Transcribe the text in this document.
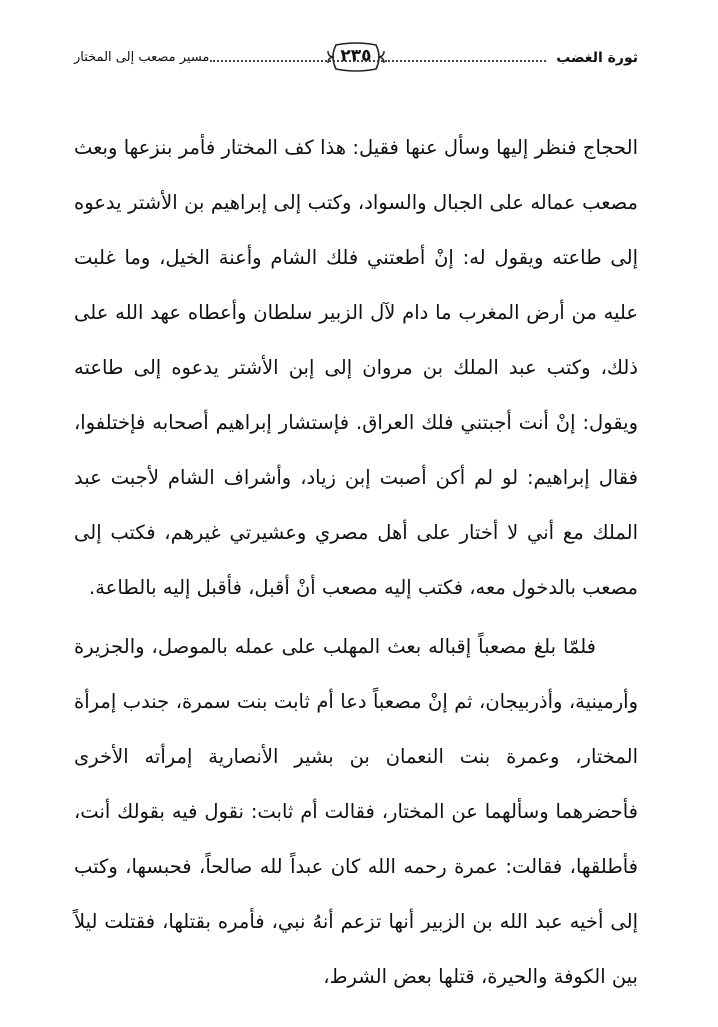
ثورة الغضب
٢٣٥
مسير مصعب إلى المختار

الحجاج فنظر إليها وسأل عنها فقيل: هذا كف المختار فأمر بنزعها وبعث مصعب عماله على الجبال والسواد، وكتب إلى إبراهيم بن الأشتر يدعوه إلى طاعته ويقول له: إنْ أطعتني فلك الشام وأعنة الخيل، وما غلبت عليه من أرض المغرب ما دام لآل الزبير سلطان وأعطاه عهد الله على ذلك، وكتب عبد الملك بن مروان إلى إبن الأشتر يدعوه إلى طاعته ويقول: إنْ أنت أجبتني فلك العراق. فإستشار إبراهيم أصحابه فإختلفوا، فقال إبراهيم: لو لم أكن أصبت إبن زياد، وأشراف الشام لأجبت عبد الملك مع أني لا أختار على أهل مصري وعشيرتي غيرهم، فكتب إلى مصعب بالدخول معه، فكتب إليه مصعب أنْ أقبل، فأقبل إليه بالطاعة.

فلمّا بلغ مصعباً إقباله بعث المهلب على عمله بالموصل، والجزيرة وأرمينية، وأذربيجان، ثم إنْ مصعباً دعا أم ثابت بنت سمرة، جندب إمرأة المختار، وعمرة بنت النعمان بن بشير الأنصارية إمرأته الأخرى فأحضرهما وسألهما عن المختار، فقالت أم ثابت: نقول فيه بقولك أنت، فأطلقها، فقالت: عمرة رحمه الله كان عبداً لله صالحاً، فحبسها، وكتب إلى أخيه عبد الله بن الزبير أنها تزعم أنهُ نبي، فأمره بقتلها، فقتلت ليلاً بين الكوفة والحيرة، قتلها بعض الشرط،
